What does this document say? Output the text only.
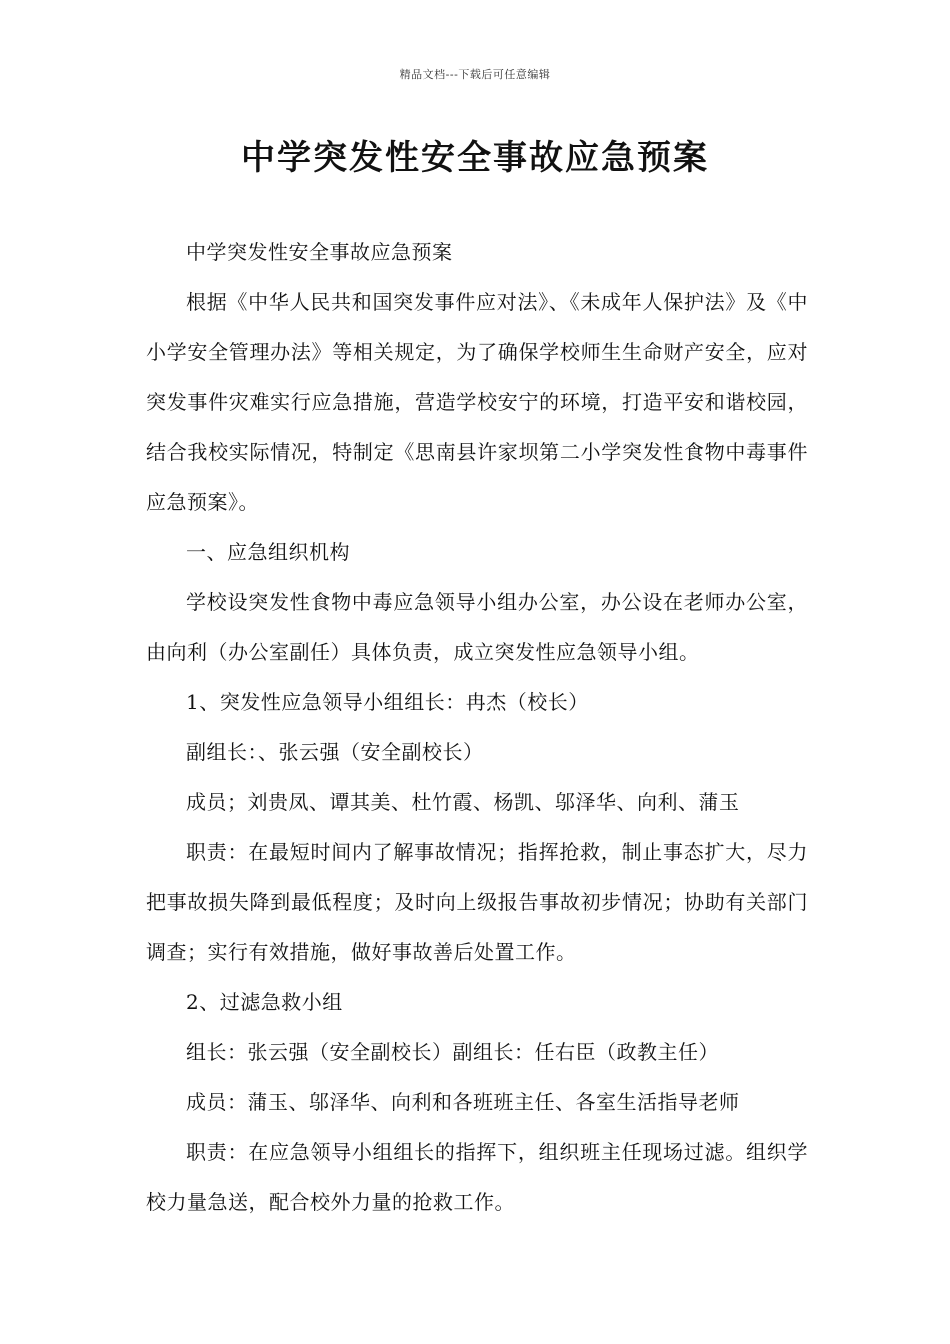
精品文档---下载后可任意编辑
中学突发性安全事故应急预案

中学突发性安全事故应急预案

根据《中华人民共和国突发事件应对法》、《未成年人保护法》及《中小学安全管理办法》等相关规定，为了确保学校师生生命财产安全，应对突发事件灾难实行应急措施，营造学校安宁的环境，打造平安和谐校园，结合我校实际情况，特制定《思南县许家坝第二小学突发性食物中毒事件应急预案》。

一、应急组织机构

学校设突发性食物中毒应急领导小组办公室，办公设在老师办公室，由向利（办公室副任）具体负责，成立突发性应急领导小组。

1、突发性应急领导小组组长：冉杰（校长）

副组长：、张云强（安全副校长）

成员；刘贵凤、谭其美、杜竹霞、杨凯、邬泽华、向利、蒲玉

职责：在最短时间内了解事故情况；指挥抢救，制止事态扩大，尽力把事故损失降到最低程度；及时向上级报告事故初步情况；协助有关部门调查；实行有效措施，做好事故善后处置工作。

2、过滤急救小组

组长：张云强（安全副校长）副组长：任右臣（政教主任）

成员：蒲玉、邬泽华、向利和各班班主任、各室生活指导老师

职责：在应急领导小组组长的指挥下，组织班主任现场过滤。组织学校力量急送，配合校外力量的抢救工作。
